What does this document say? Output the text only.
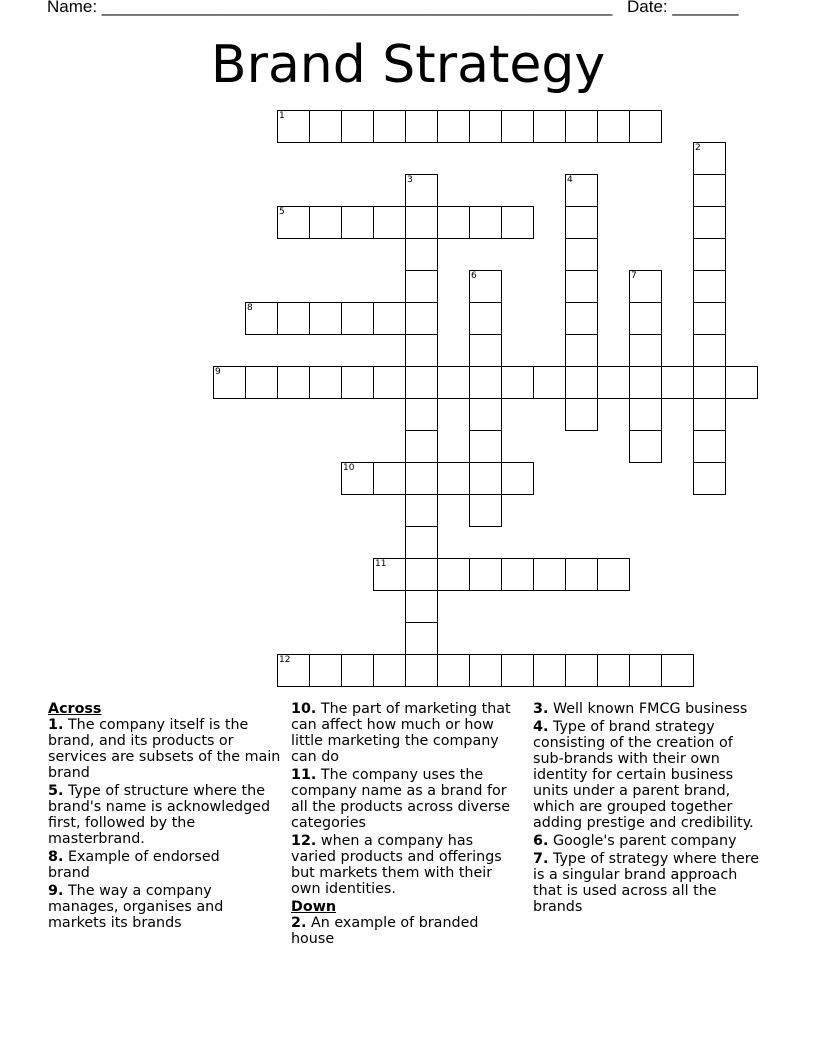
Name: ______________________________________________________ Date: _______
Brand Strategy
1
2
3	4
5
6	7
8
9
10
11
12
Across
1. The company itself is the brand, and its products or services are subsets of the main brand
5. Type of structure where the brand's name is acknowledged first, followed by the masterbrand.
8. Example of endorsed brand
9. The way a company manages, organises and markets its brands
10. The part of marketing that can affect how much or how little marketing the company can do
11. The company uses the company name as a brand for all the products across diverse categories
12. when a company has varied products and offerings but markets them with their own identities.
Down
2. An example of branded house
3. Well known FMCG business
4. Type of brand strategy consisting of the creation of sub-brands with their own identity for certain business units under a parent brand, which are grouped together adding prestige and credibility.
6. Google's parent company
7. Type of strategy where there is a singular brand approach that is used across all the brands
